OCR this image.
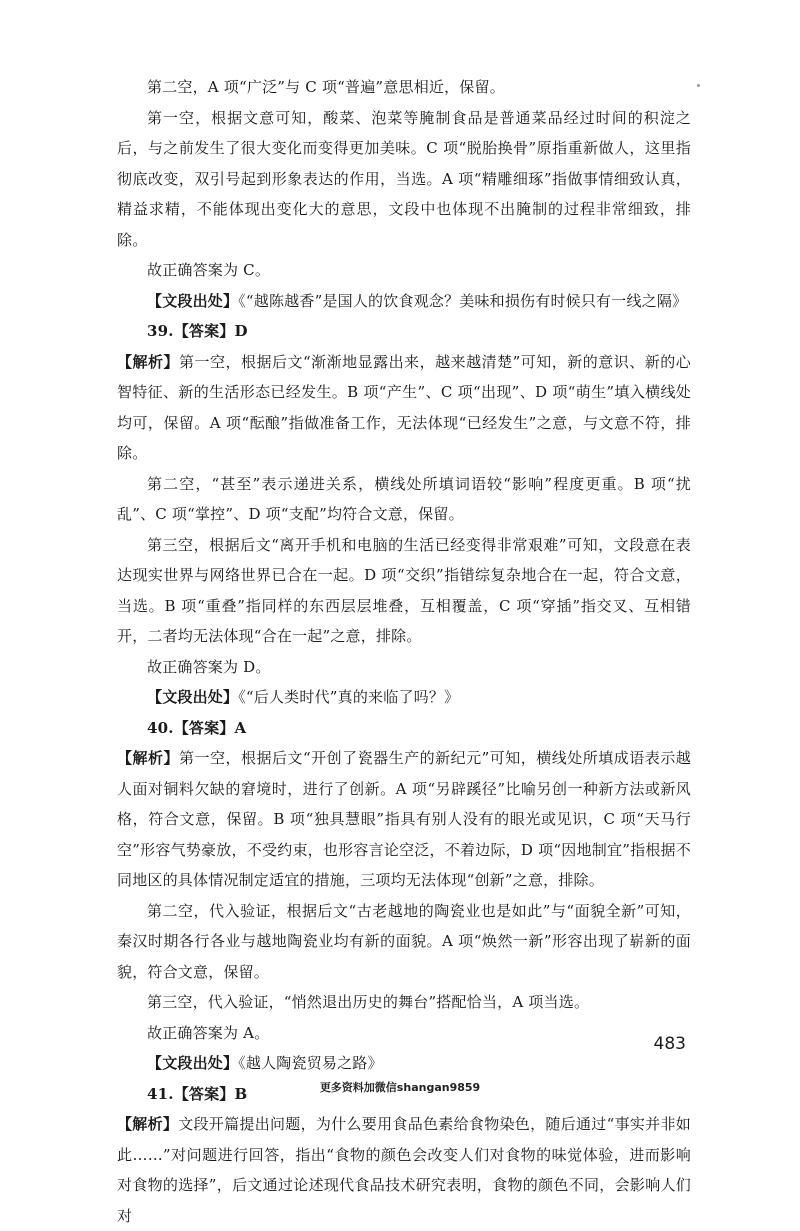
第二空，A 项“广泛”与 C 项“普遍”意思相近，保留。

第一空，根据文意可知，酸菜、泡菜等腌制食品是普通菜品经过时间的积淀之后，与之前发生了很大变化而变得更加美味。C 项“脱胎换骨”原指重新做人，这里指彻底改变，双引号起到形象表达的作用，当选。A 项“精雕细琢”指做事情细致认真，精益求精，不能体现出变化大的意思，文段中也体现不出腌制的过程非常细致，排除。

故正确答案为 C。

【文段出处】《“越陈越香”是国人的饮食观念？美味和损伤有时候只有一线之隔》

39.【答案】D

【解析】第一空，根据后文“渐渐地显露出来，越来越清楚”可知，新的意识、新的心智特征、新的生活形态已经发生。B 项“产生”、C 项“出现”、D 项“萌生”填入横线处均可，保留。A 项“酝酿”指做准备工作，无法体现“已经发生”之意，与文意不符，排除。

第二空，“甚至”表示递进关系，横线处所填词语较“影响”程度更重。B 项“扰乱”、C 项“掌控”、D 项“支配”均符合文意，保留。

第三空，根据后文“离开手机和电脑的生活已经变得非常艰难”可知，文段意在表达现实世界与网络世界已合在一起。D 项“交织”指错综复杂地合在一起，符合文意，当选。B 项“重叠”指同样的东西层层堆叠，互相覆盖，C 项“穿插”指交叉、互相错开，二者均无法体现“合在一起”之意，排除。

故正确答案为 D。

【文段出处】《“后人类时代”真的来临了吗？》

40.【答案】A

【解析】第一空，根据后文“开创了瓷器生产的新纪元”可知，横线处所填成语表示越人面对铜料欠缺的窘境时，进行了创新。A 项“另辟蹊径”比喻另创一种新方法或新风格，符合文意，保留。B 项“独具慧眼”指具有别人没有的眼光或见识，C 项“天马行空”形容气势豪放，不受约束，也形容言论空泛，不着边际，D 项“因地制宜”指根据不同地区的具体情况制定适宜的措施，三项均无法体现“创新”之意，排除。

第二空，代入验证，根据后文“古老越地的陶瓷业也是如此”与“面貌全新”可知，秦汉时期各行各业与越地陶瓷业均有新的面貌。A 项“焕然一新”形容出现了崭新的面貌，符合文意，保留。

第三空，代入验证，“悄然退出历史的舞台”搭配恰当，A 项当选。

故正确答案为 A。

【文段出处】《越人陶瓷贸易之路》

41.【答案】B

【解析】文段开篇提出问题，为什么要用食品色素给食物染色，随后通过“事实并非如此……”对问题进行回答，指出“食物的颜色会改变人们对食物的味觉体验，进而影响对食物的选择”，后文通过论述现代食品技术研究表明，食物的颜色不同，会影响人们对

483
更多资料加微信shangan9859
